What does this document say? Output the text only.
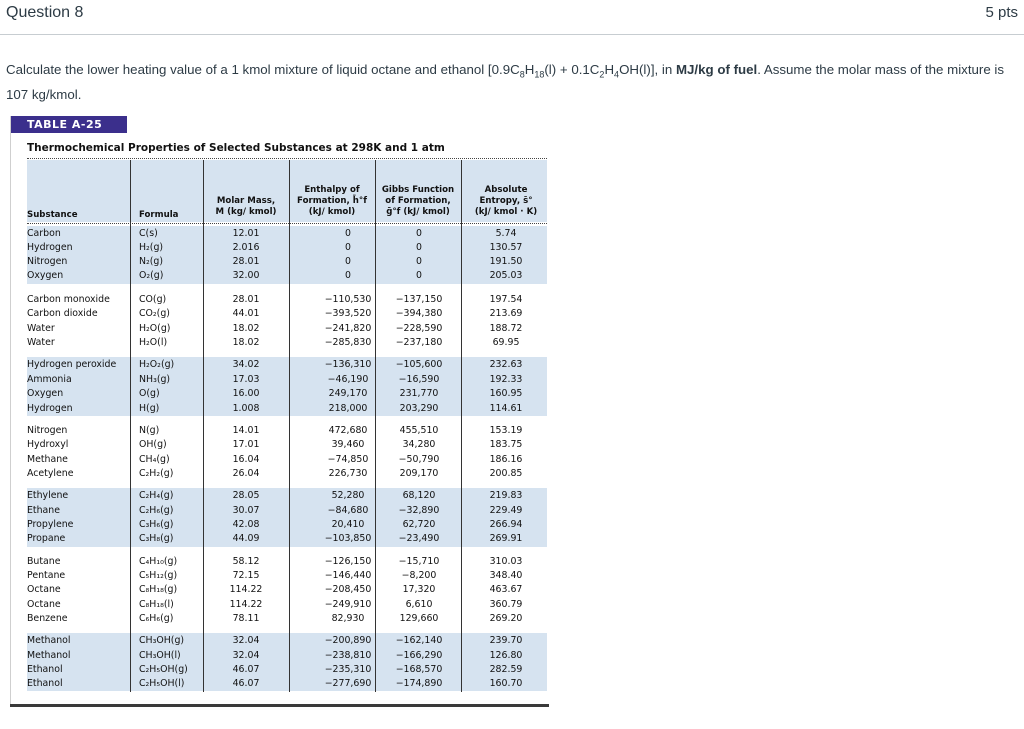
Question 8	5 pts
Calculate the lower heating value of a 1 kmol mixture of liquid octane and ethanol $[0.9C_8H_{18}(l) + 0.1C_2H_4OH(l)]$, in MJ/kg of fuel. Assume the molar mass of the mixture is 107 kg/kmol.
TABLE A-25
Thermochemical Properties of Selected Substances at 298K and 1 atm
Substance	Formula
Molar Mass,
M (kg/ kmol)
Enthalpy of
Formation, h̄°f
(kJ/ kmol)
Gibbs Function
of Formation,
ḡ°f (kJ/ kmol)
Absolute
Entropy, s̄°
(kJ/ kmol · K)
Carbon	C(s)	12.01	0	0	5.74
Hydrogen	H₂(g)	2.016	0	0	130.57
Nitrogen	N₂(g)	28.01	0	0	191.50
Oxygen	O₂(g)	32.00	0	0	205.03
Carbon monoxide	CO(g)	28.01	−110,530	−137,150	197.54
Carbon dioxide	CO₂(g)	44.01	−393,520	−394,380	213.69
Water	H₂O(g)	18.02	−241,820	−228,590	188.72
Water	H₂O(l)	18.02	−285,830	−237,180	69.95
Hydrogen peroxide H₂O₂(g)	34.02	−136,310	−105,600	232.63
Ammonia	NH₃(g)	17.03	−46,190	−16,590	192.33
Oxygen	O(g)	16.00	249,170	231,770	160.95
Hydrogen	H(g)	1.008	218,000	203,290	114.61
Nitrogen	N(g)	14.01	472,680	455,510	153.19
Hydroxyl	OH(g)	17.01	39,460	34,280	183.75
Methane	CH₄(g)	16.04	−74,850	−50,790	186.16
Acetylene	C₂H₂(g)	26.04	226,730	209,170	200.85
Ethylene	C₂H₄(g)	28.05	52,280	68,120	219.83
Ethane	C₂H₆(g)	30.07	−84,680	−32,890	229.49
Propylene	C₃H₆(g)	42.08	20,410	62,720	266.94
Propane	C₃H₈(g)	44.09	−103,850	−23,490	269.91
Butane	C₄H₁₀(g)	58.12	−126,150	−15,710	310.03
Pentane	C₅H₁₂(g)	72.15	−146,440	−8,200	348.40
Octane	C₈H₁₈(g)	114.22	−208,450	17,320	463.67
Octane	C₈H₁₈(l)	114.22	−249,910	6,610	360.79
Benzene	C₆H₆(g)	78.11	82,930	129,660	269.20
Methanol	CH₃OH(g)	32.04	−200,890	−162,140	239.70
Methanol	CH₃OH(l)	32.04	−238,810	−166,290	126.80
Ethanol	C₂H₅OH(g)	46.07	−235,310	−168,570	282.59
Ethanol	C₂H₅OH(l)	46.07	−277,690	−174,890	160.70
